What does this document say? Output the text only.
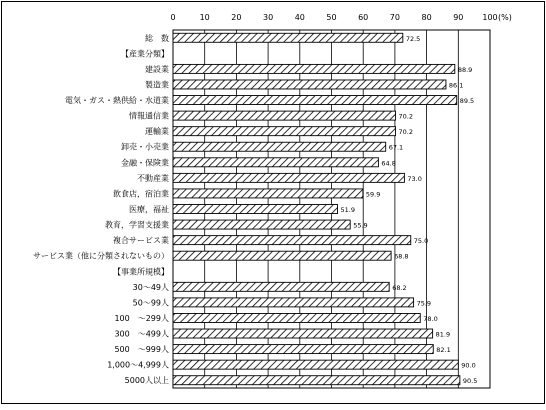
0	10	20	30	40	50	60	70	80	90 100
総　数
【産業分類】
建設業
製造業
電気・ガス・熱供給・水道業
情報通信業
運輸業
卸売・小売業
金融・保険業
不動産業
飲食店，宿泊業
医療，福祉
教育，学習支援業
複合サービス業
サービス業（他に分類されないもの）
【事業所規模】
30〜49人
50〜99人
100　〜299人
300　〜499人
500　〜999人
1,000〜4,999人
5000人以上
72.5
88.9
86.1
89.5
70.2
70.2
67.1
64.8
73.0
59.9
51.9
55.9
75.0
68.8
68.2
75.9
78.0
81.9
82.1
90.0
90.5
(%)
